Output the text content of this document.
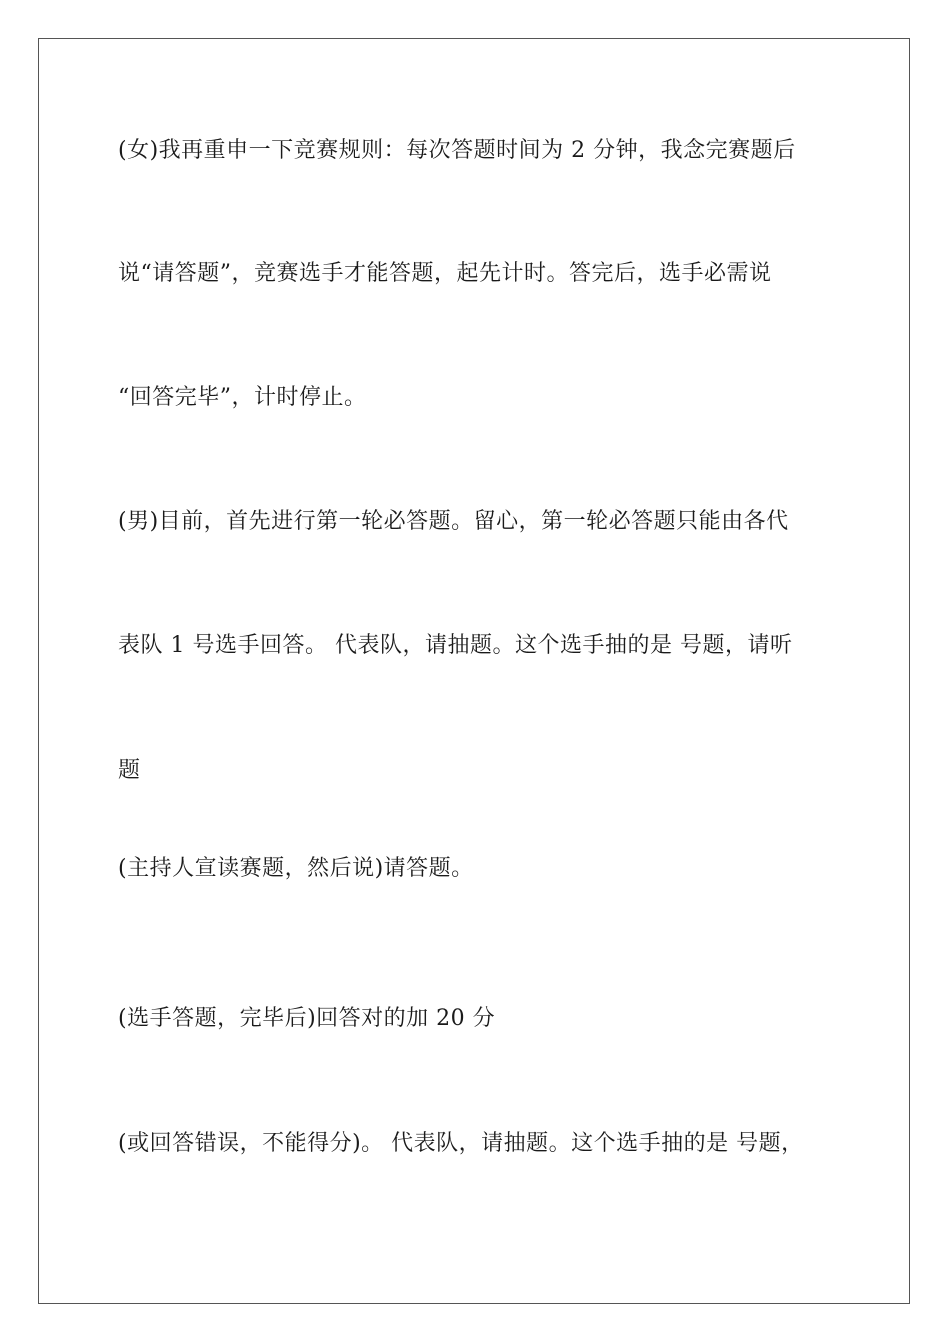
(女)我再重申一下竞赛规则：每次答题时间为 2 分钟，我念完赛题后
说“请答题”，竞赛选手才能答题，起先计时。答完后，选手必需说
“回答完毕”，计时停止。
(男)目前，首先进行第一轮必答题。留心，第一轮必答题只能由各代
表队 1 号选手回答。 代表队，请抽题。这个选手抽的是 号题，请听
题
(主持人宣读赛题，然后说)请答题。
(选手答题，完毕后)回答对的加 20 分
(或回答错误，不能得分)。 代表队，请抽题。这个选手抽的是 号题，
